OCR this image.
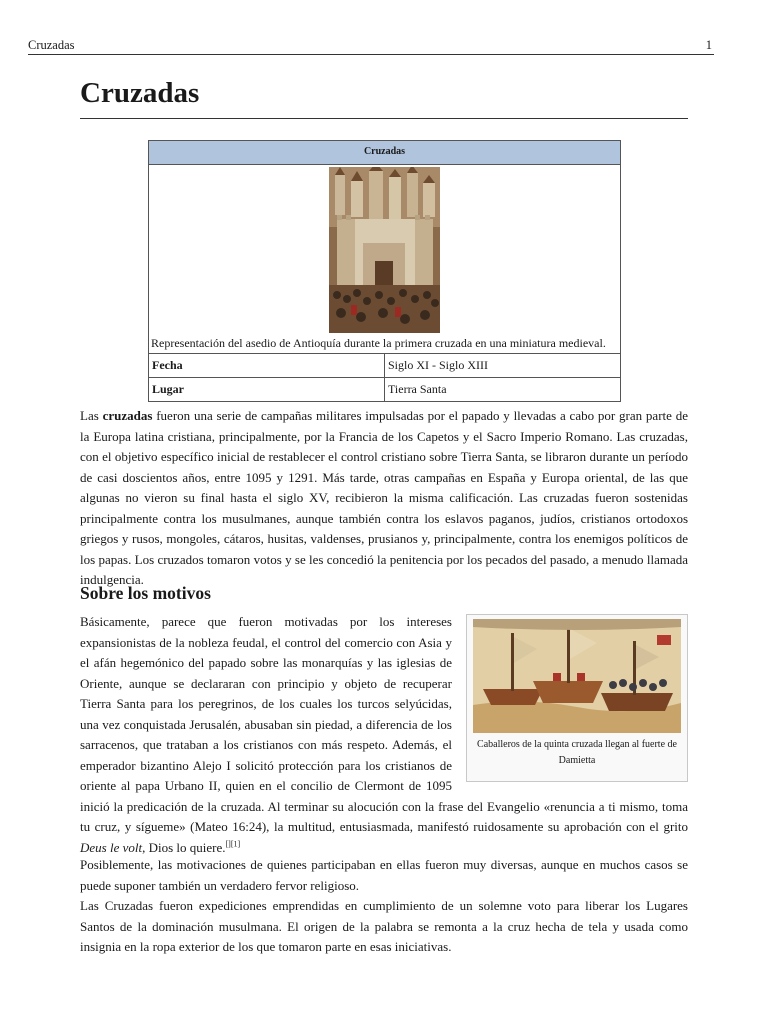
Cruzadas	1
Cruzadas
Cruzadas
Representación del asedio de Antioquía durante la primera cruzada en una miniatura medieval.
Fecha	Siglo XI - Siglo XIII
Lugar	Tierra Santa

Las cruzadas fueron una serie de campañas militares impulsadas por el papado y llevadas a cabo por gran parte de la Europa latina cristiana, principalmente, por la Francia de los Capetos y el Sacro Imperio Romano. Las cruzadas, con el objetivo específico inicial de restablecer el control cristiano sobre Tierra Santa, se libraron durante un período de casi doscientos años, entre 1095 y 1291. Más tarde, otras campañas en España y Europa oriental, de las que algunas no vieron su final hasta el siglo XV, recibieron la misma calificación. Las cruzadas fueron sostenidas principalmente contra los musulmanes, aunque también contra los eslavos paganos, judíos, cristianos ortodoxos griegos y rusos, mongoles, cátaros, husitas, valdenses, prusianos y, principalmente, contra los enemigos políticos de los papas. Los cruzados tomaron votos y se les concedió la penitencia por los pecados del pasado, a menudo llamada indulgencia.

Sobre los motivos
Caballeros de la quinta cruzada llegan al fuerte de Damietta
Básicamente, parece que fueron motivadas por los intereses expansionistas de la nobleza feudal, el control del comercio con Asia y el afán hegemónico del papado sobre las monarquías y las iglesias de Oriente, aunque se declararan con principio y objeto de recuperar Tierra Santa para los peregrinos, de los cuales los turcos selyúcidas, una vez conquistada Jerusalén, abusaban sin piedad, a diferencia de los sarracenos, que trataban a los cristianos con más respeto. Además, el emperador bizantino Alejo I solicitó protección para los cristianos de oriente al papa Urbano II, quien en el concilio de Clermont de 1095 inició la predicación de la cruzada. Al terminar su alocución con la frase del Evangelio «renuncia a ti mismo, toma tu cruz, y sígueme» (Mateo 16:24), la multitud, entusiasmada, manifestó ruidosamente su aprobación con el grito Deus le volt, Dios lo quiere.[][1]

Posiblemente, las motivaciones de quienes participaban en ellas fueron muy diversas, aunque en muchos casos se puede suponer también un verdadero fervor religioso.

Las Cruzadas fueron expediciones emprendidas en cumplimiento de un solemne voto para liberar los Lugares Santos de la dominación musulmana. El origen de la palabra se remonta a la cruz hecha de tela y usada como insignia en la ropa exterior de los que tomaron parte en esas iniciativas.
